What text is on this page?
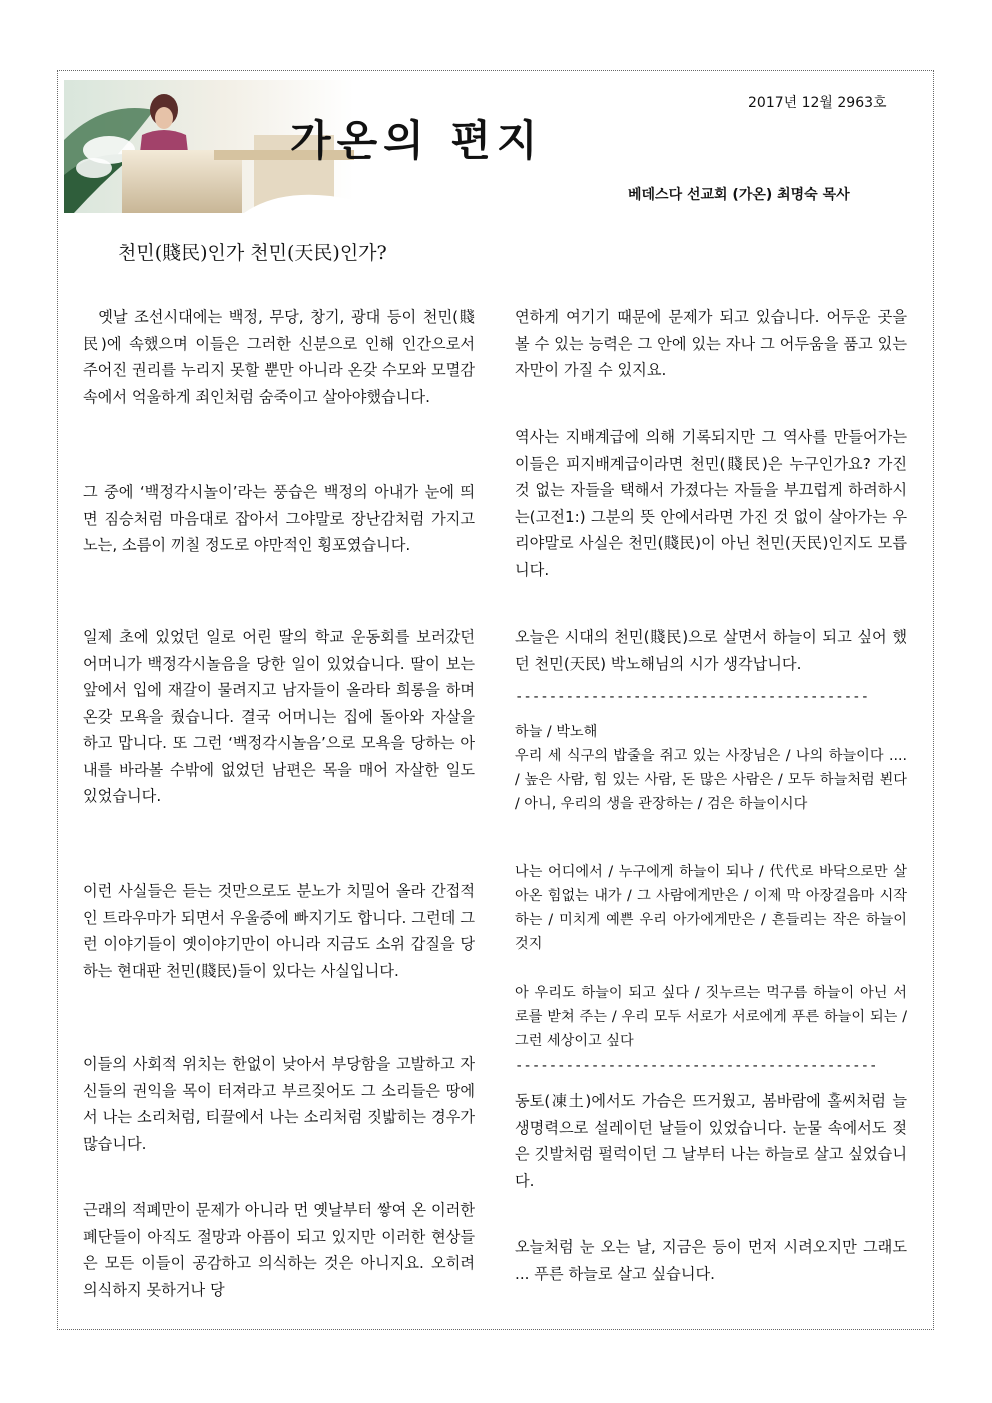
가온의 편지
2017년 12월 2963호
베데스다 선교회 (가온) 최명숙 목사
천민(賤民)인가 천민(天民)인가?

옛날 조선시대에는 백정, 무당, 창기, 광대 등이 천민(賤民)에 속했으며 이들은 그러한 신분으로 인해 인간으로서 주어진 권리를 누리지 못할 뿐만 아니라 온갖 수모와 모멸감 속에서 억울하게 죄인처럼 숨죽이고 살아야했습니다.

그 중에 ‘백정각시놀이’라는 풍습은 백정의 아내가 눈에 띄면 짐승처럼 마음대로 잡아서 그야말로 장난감처럼 가지고 노는, 소름이 끼칠 정도로 야만적인 횡포였습니다.

일제 초에 있었던 일로 어린 딸의 학교 운동회를 보러갔던 어머니가 백정각시놀음을 당한 일이 있었습니다. 딸이 보는 앞에서 입에 재갈이 물려지고 남자들이 올라타 희롱을 하며 온갖 모욕을 줬습니다. 결국 어머니는 집에 돌아와 자살을 하고 맙니다. 또 그런 ‘백정각시놀음’으로 모욕을 당하는 아내를 바라볼 수밖에 없었던 남편은 목을 매어 자살한 일도 있었습니다.

이런 사실들은 듣는 것만으로도 분노가 치밀어 올라 간접적인 트라우마가 되면서 우울증에 빠지기도 합니다. 그런데 그런 이야기들이 옛이야기만이 아니라 지금도 소위 갑질을 당하는 현대판 천민(賤民)들이 있다는 사실입니다.

이들의 사회적 위치는 한없이 낮아서 부당함을 고발하고 자신들의 권익을 목이 터져라고 부르짖어도 그 소리들은 땅에서 나는 소리처럼, 티끌에서 나는 소리처럼 짓밟히는 경우가 많습니다.

근래의 적폐만이 문제가 아니라 먼 옛날부터 쌓여 온 이러한 폐단들이 아직도 절망과 아픔이 되고 있지만 이러한 현상들은 모든 이들이 공감하고 의식하는 것은 아니지요. 오히려 의식하지 못하거나 당

연하게 여기기 때문에 문제가 되고 있습니다. 어두운 곳을 볼 수 있는 능력은 그 안에 있는 자나 그 어두움을 품고 있는 자만이 가질 수 있지요.

역사는 지배계급에 의해 기록되지만 그 역사를 만들어가는 이들은 피지배계급이라면 천민(賤民)은 누구인가요? 가진 것 없는 자들을 택해서 가졌다는 자들을 부끄럽게 하려하시는(고전1:) 그분의 뜻 안에서라면 가진 것 없이 살아가는 우리야말로 사실은 천민(賤民)이 아닌 천민(天民)인지도 모릅니다.

오늘은 시대의 천민(賤民)으로 살면서 하늘이 되고 싶어 했던 천민(天民) 박노해님의 시가 생각납니다.

------------------------------------------

하늘 / 박노해

우리 세 식구의 밥줄을 쥐고 있는 사장님은 / 나의 하늘이다 .... / 높은 사람, 힘 있는 사람, 돈 많은 사람은 / 모두 하늘처럼 뵌다 / 아니, 우리의 생을 관장하는 / 검은 하늘이시다

나는 어디에서 / 누구에게 하늘이 되나 / 代代로 바닥으로만 살아온 힘없는 내가 / 그 사람에게만은 / 이제 막 아장걸음마 시작하는 / 미치게 예쁜 우리 아가에게만은 / 흔들리는 작은 하늘이것지

아 우리도 하늘이 되고 싶다 / 짓누르는 먹구름 하늘이 아닌 서로를 받쳐 주는 / 우리 모두 서로가 서로에게 푸른 하늘이 되는 / 그런 세상이고 싶다

-------------------------------------------

동토(凍土)에서도 가슴은 뜨거웠고, 봄바람에 홀씨처럼 늘 생명력으로 설레이던 날들이 있었습니다. 눈물 속에서도 젖은 깃발처럼 펄럭이던 그 날부터 나는 하늘로 살고 싶었습니다.

오늘처럼 눈 오는 날, 지금은 등이 먼저 시려오지만 그래도 ... 푸른 하늘로 살고 싶습니다.
